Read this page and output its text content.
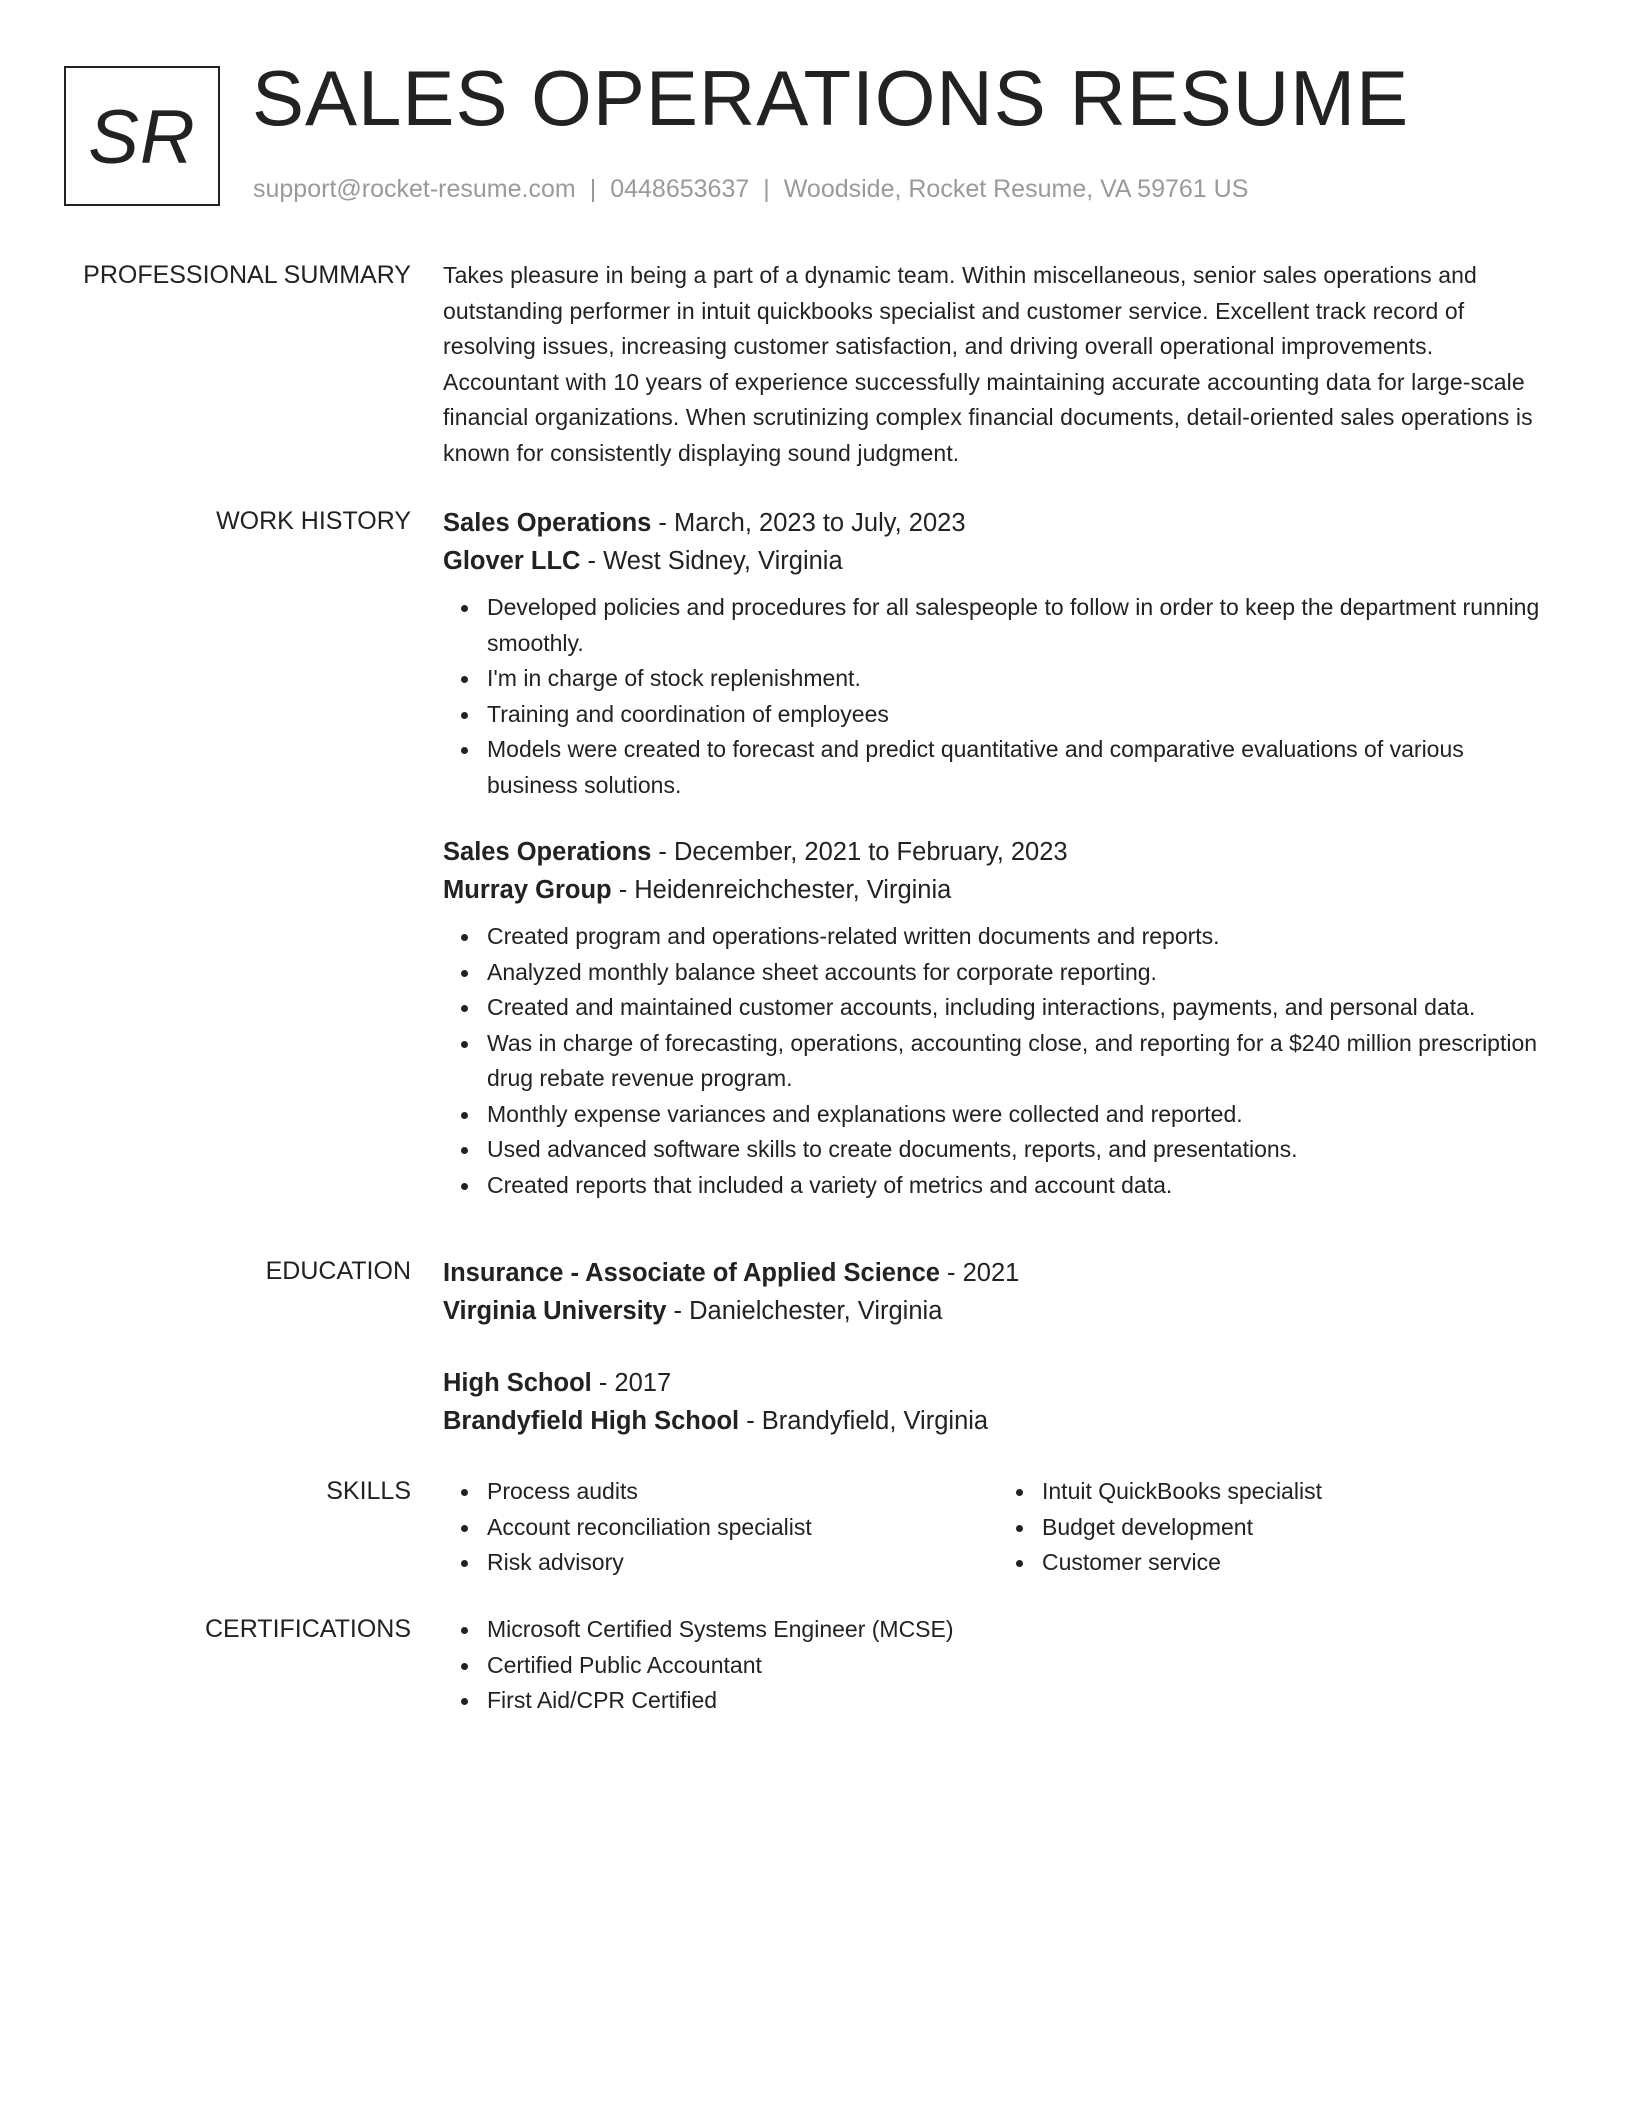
SR SALES OPERATIONS RESUME
support@rocket-resume.com | 0448653637 | Woodside, Rocket Resume, VA 59761 US
PROFESSIONAL SUMMARY Takes pleasure in being a part of a dynamic team. Within miscellaneous, senior sales operations and outstanding performer in intuit quickbooks specialist and customer service. Excellent track record of resolving issues, increasing customer satisfaction, and driving overall operational improvements. Accountant with 10 years of experience successfully maintaining accurate accounting data for large-scale financial organizations. When scrutinizing complex financial documents, detail-oriented sales operations is known for consistently displaying sound judgment.

WORK HISTORY Sales Operations - March, 2023 to July, 2023
Glover LLC - West Sidney, Virginia
Developed policies and procedures for all salespeople to follow in order to keep the department running smoothly.
I'm in charge of stock replenishment.
Training and coordination of employees
Models were created to forecast and predict quantitative and comparative evaluations of various business solutions.
Sales Operations - December, 2021 to February, 2023
Murray Group - Heidenreichchester, Virginia
Created program and operations-related written documents and reports.
Analyzed monthly balance sheet accounts for corporate reporting.
Created and maintained customer accounts, including interactions, payments, and personal data.
Was in charge of forecasting, operations, accounting close, and reporting for a $240 million prescription drug rebate revenue program.
Monthly expense variances and explanations were collected and reported.
Used advanced software skills to create documents, reports, and presentations.
Created reports that included a variety of metrics and account data.
EDUCATION Insurance - Associate of Applied Science - 2021
Virginia University - Danielchester, Virginia
High School - 2017
Brandyfield High School - Brandyfield, Virginia
SKILLS	Process audits
Account reconciliation specialist
Risk advisory
Intuit QuickBooks specialist
Budget development
Customer service
CERTIFICATIONS	Microsoft Certified Systems Engineer (MCSE)
Certified Public Accountant
First Aid/CPR Certified
